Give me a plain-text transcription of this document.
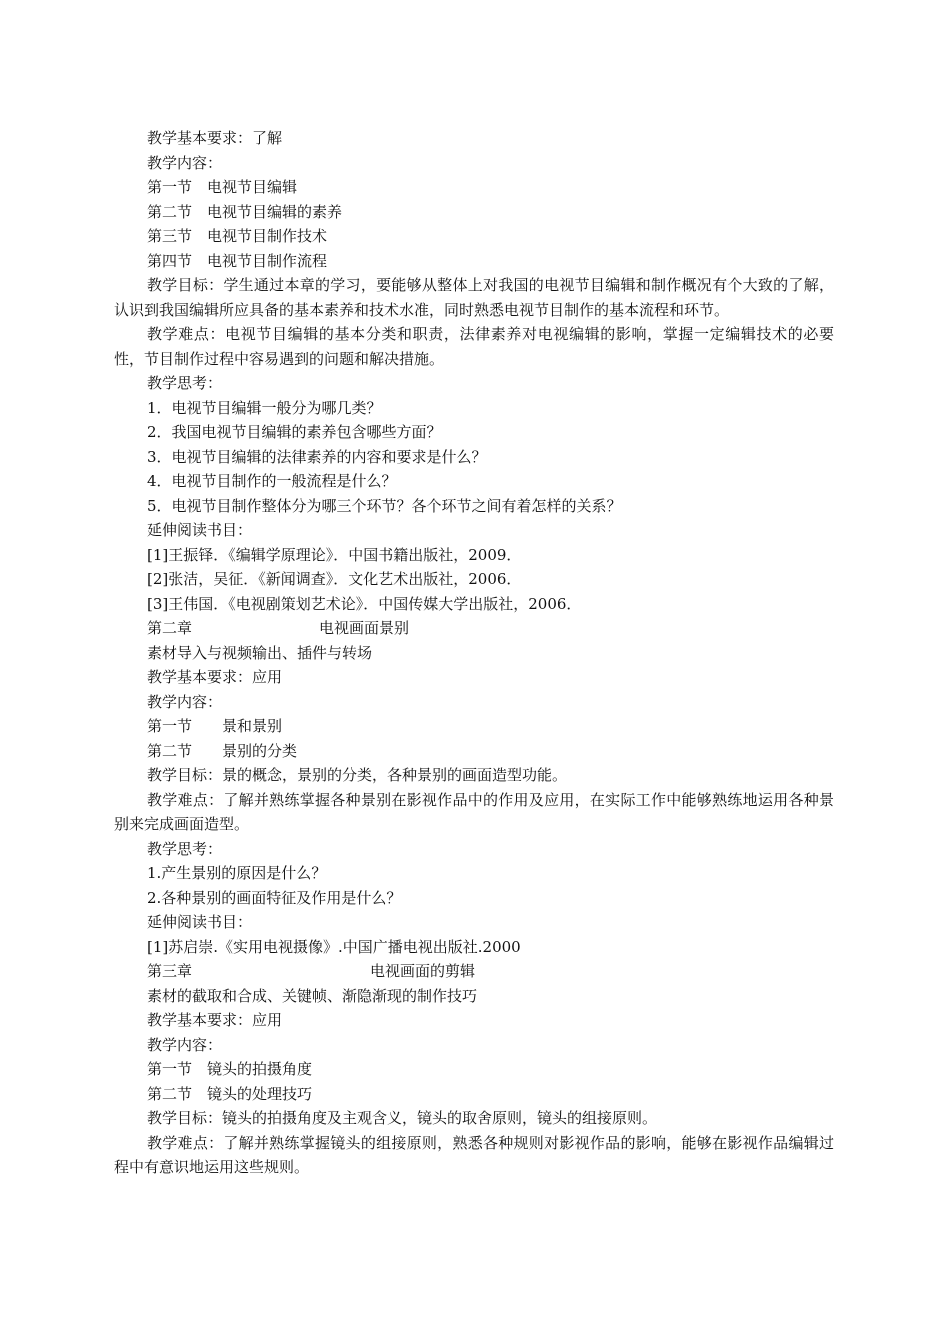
教学基本要求：了解

教学内容：

第一节　电视节目编辑

第二节　电视节目编辑的素养

第三节　电视节目制作技术

第四节　电视节目制作流程

教学目标：学生通过本章的学习，要能够从整体上对我国的电视节目编辑和制作概况有个大致的了解，认识到我国编辑所应具备的基本素养和技术水准，同时熟悉电视节目制作的基本流程和环节。

教学难点：电视节目编辑的基本分类和职责，法律素养对电视编辑的影响，掌握一定编辑技术的必要性，节目制作过程中容易遇到的问题和解决措施。

教学思考：

1．电视节目编辑一般分为哪几类？

2．我国电视节目编辑的素养包含哪些方面？

3．电视节目编辑的法律素养的内容和要求是什么？

4．电视节目制作的一般流程是什么？

5．电视节目制作整体分为哪三个环节？各个环节之间有着怎样的关系？

延伸阅读书目：

[1]王振铎．《编辑学原理论》．中国书籍出版社，2009．

[2]张洁，吴征．《新闻调查》．文化艺术出版社，2006．

[3]王伟国．《电视剧策划艺术论》．中国传媒大学出版社，2006．

第二章	电视画面景别

素材导入与视频输出、插件与转场

教学基本要求：应用

教学内容：

第一节　　景和景别

第二节　　景别的分类

教学目标：景的概念，景别的分类，各种景别的画面造型功能。

教学难点：了解并熟练掌握各种景别在影视作品中的作用及应用，在实际工作中能够熟练地运用各种景别来完成画面造型。

教学思考：

1.产生景别的原因是什么？

2.各种景别的画面特征及作用是什么？

延伸阅读书目：

[1]苏启崇.《实用电视摄像》.中国广播电视出版社.2000

第三章	电视画面的剪辑

素材的截取和合成、关键帧、渐隐渐现的制作技巧

教学基本要求：应用

教学内容：

第一节　镜头的拍摄角度

第二节　镜头的处理技巧

教学目标：镜头的拍摄角度及主观含义，镜头的取舍原则，镜头的组接原则。

教学难点：了解并熟练掌握镜头的组接原则，熟悉各种规则对影视作品的影响，能够在影视作品编辑过程中有意识地运用这些规则。
